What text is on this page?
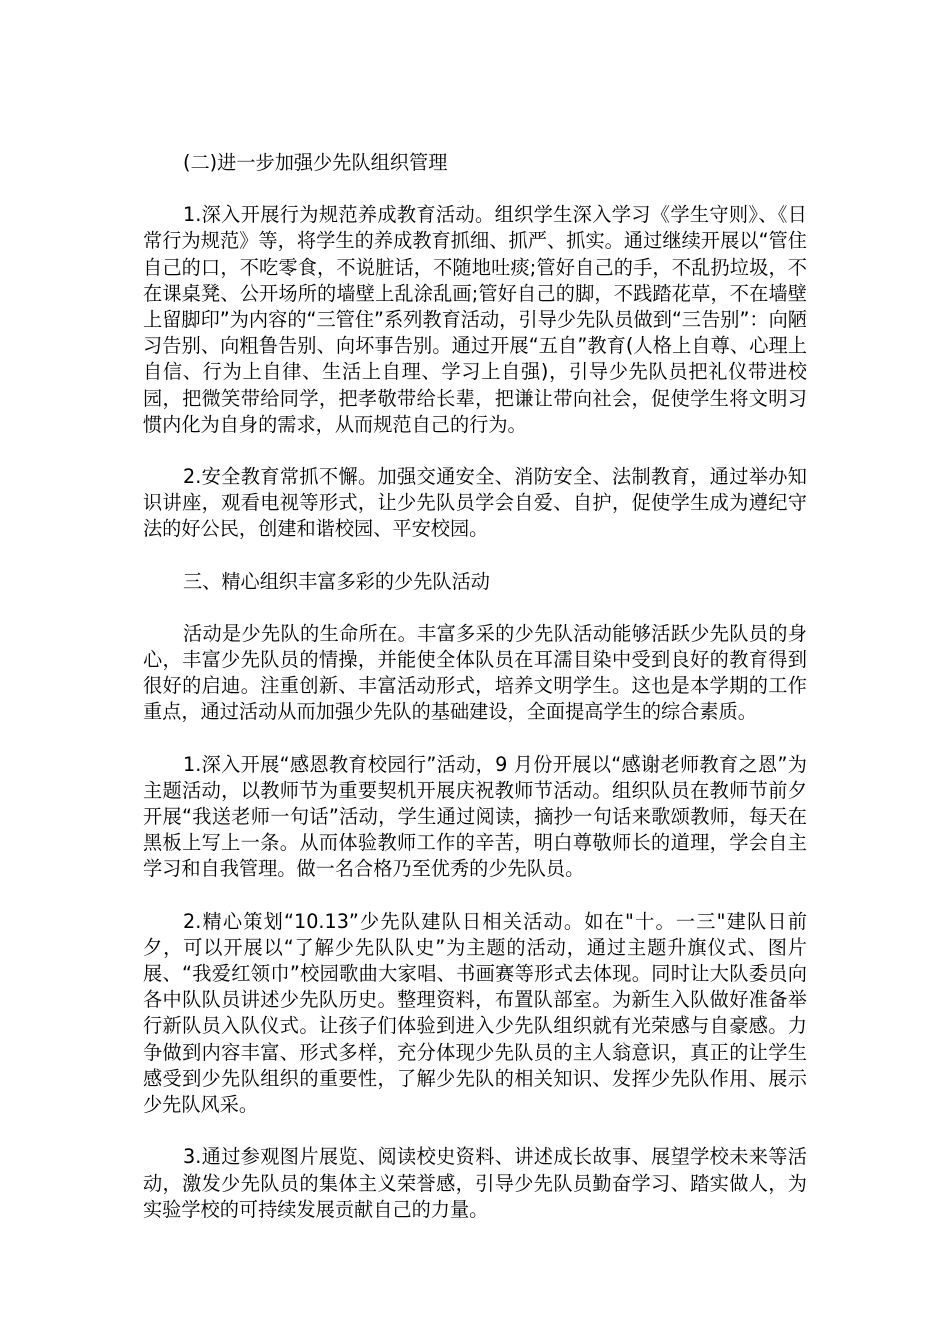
(二)进一步加强少先队组织管理

1.深入开展行为规范养成教育活动。组织学生深入学习《学生守则》、《日常行为规范》等，将学生的养成教育抓细、抓严、抓实。通过继续开展以“管住自己的口，不吃零食，不说脏话，不随地吐痰;管好自己的手，不乱扔垃圾，不在课桌凳、公开场所的墙壁上乱涂乱画;管好自己的脚，不践踏花草，不在墙壁上留脚印”为内容的“三管住”系列教育活动，引导少先队员做到“三告别”：向陋习告别、向粗鲁告别、向坏事告别。通过开展“五自”教育(人格上自尊、心理上自信、行为上自律、生活上自理、学习上自强)，引导少先队员把礼仪带进校园，把微笑带给同学，把孝敬带给长辈，把谦让带向社会，促使学生将文明习惯内化为自身的需求，从而规范自己的行为。

2.安全教育常抓不懈。加强交通安全、消防安全、法制教育，通过举办知识讲座，观看电视等形式，让少先队员学会自爱、自护，促使学生成为遵纪守法的好公民，创建和谐校园、平安校园。

三、精心组织丰富多彩的少先队活动

活动是少先队的生命所在。丰富多采的少先队活动能够活跃少先队员的身心，丰富少先队员的情操，并能使全体队员在耳濡目染中受到良好的教育得到很好的启迪。注重创新、丰富活动形式，培养文明学生。这也是本学期的工作重点，通过活动从而加强少先队的基础建设，全面提高学生的综合素质。

1.深入开展“感恩教育校园行”活动，9 月份开展以“感谢老师教育之恩”为主题活动，以教师节为重要契机开展庆祝教师节活动。组织队员在教师节前夕开展“我送老师一句话”活动，学生通过阅读，摘抄一句话来歌颂教师，每天在黑板上写上一条。从而体验教师工作的辛苦，明白尊敬师长的道理，学会自主学习和自我管理。做一名合格乃至优秀的少先队员。

2.精心策划“10.13”少先队建队日相关活动。如在"十。一三"建队日前夕，可以开展以“了解少先队队史”为主题的活动，通过主题升旗仪式、图片展、“我爱红领巾”校园歌曲大家唱、书画赛等形式去体现。同时让大队委员向各中队队员讲述少先队历史。整理资料，布置队部室。为新生入队做好准备举行新队员入队仪式。让孩子们体验到进入少先队组织就有光荣感与自豪感。力争做到内容丰富、形式多样，充分体现少先队员的主人翁意识，真正的让学生感受到少先队组织的重要性，了解少先队的相关知识、发挥少先队作用、展示少先队风采。

3.通过参观图片展览、阅读校史资料、讲述成长故事、展望学校未来等活动，激发少先队员的集体主义荣誉感，引导少先队员勤奋学习、踏实做人，为实验学校的可持续发展贡献自己的力量。
